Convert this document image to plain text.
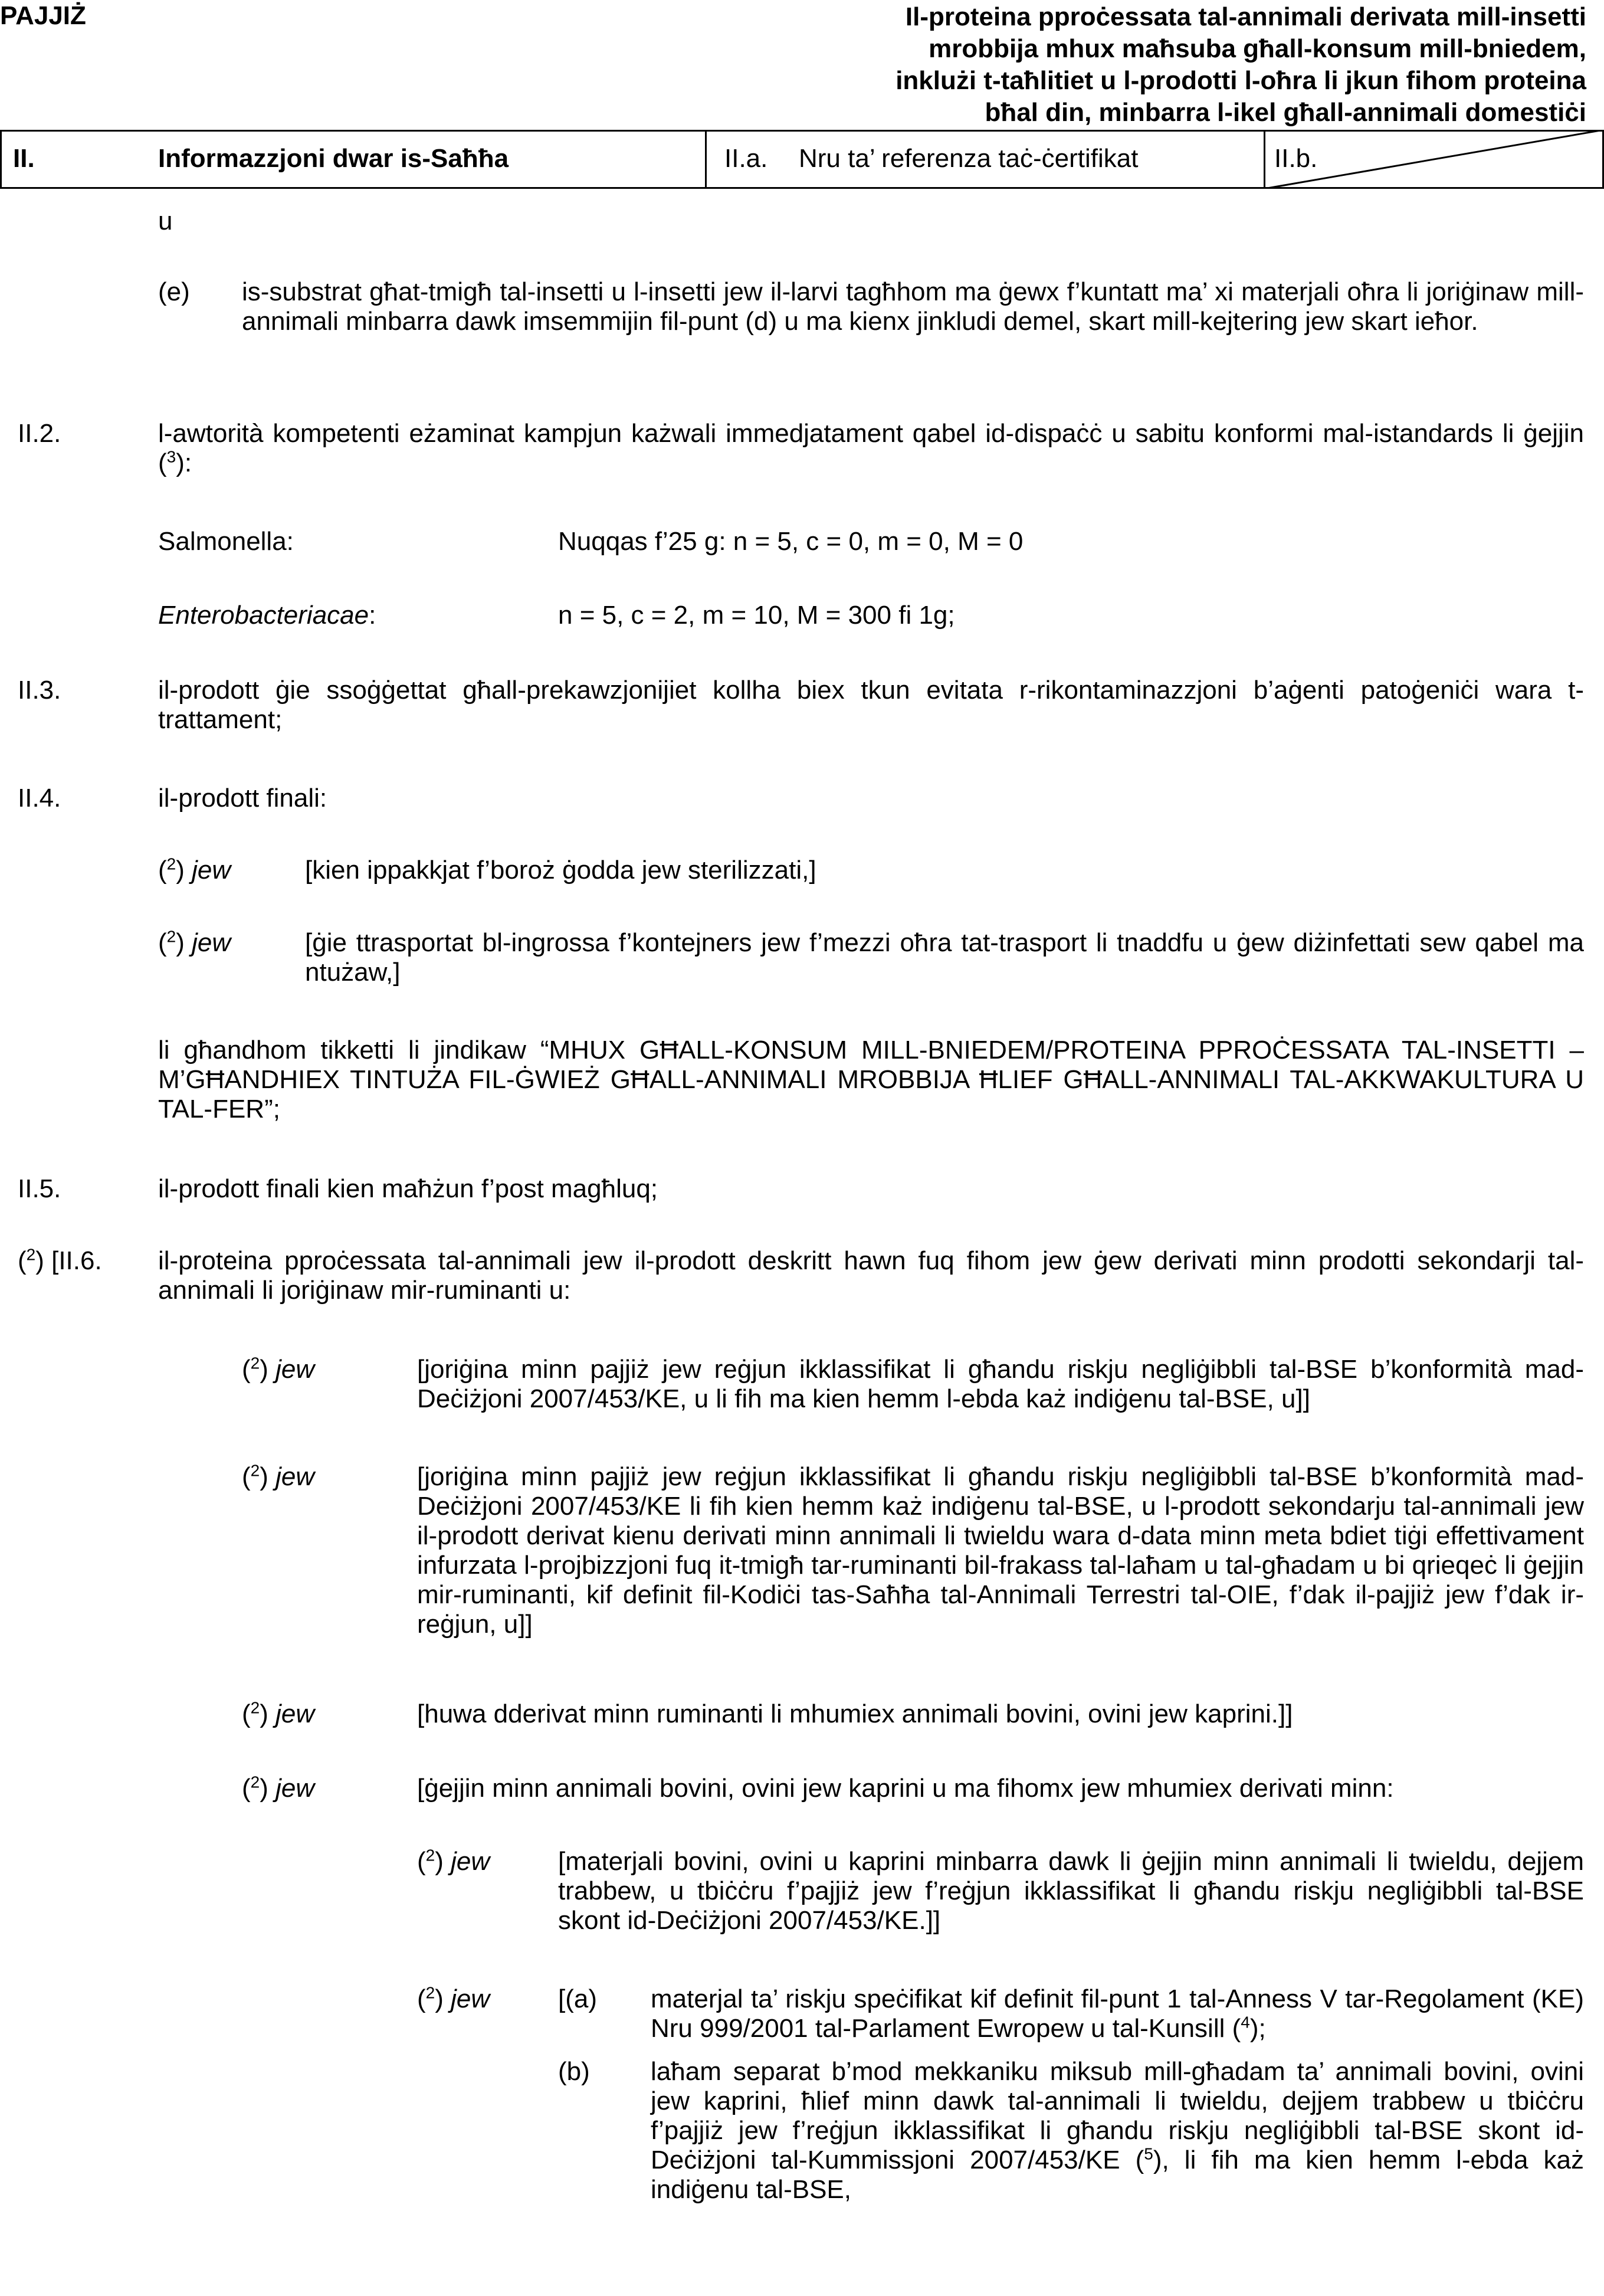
PAJJIŻ	Il-proteina pproċessata tal-annimali derivata mill-insetti
mrobbija mhux maħsuba għall-konsum mill-bniedem,
inklużi t-taħlitiet u l-prodotti l-oħra li jkun fihom proteina
bħal din, minbarra l-ikel għall-annimali domestiċi
II.	Informazzjoni dwar is-Saħħa	II.a. Nru ta’ referenza taċ-ċertifikat	II.b.
u
(e) is-substrat għat-tmigħ tal-insetti u l-insetti jew il-larvi tagħhom ma ġewx f’kuntatt ma’ xi materjali oħra li joriġinaw mill-annimali minbarra dawk imsemmijin fil-punt (d) u ma kienx jinkludi demel, skart mill-kejtering jew skart ieħor.
II.2.	l-awtorità kompetenti eżaminat kampjun każwali immedjatament qabel id-dispaċċ u sabitu konformi mal-istandards li ġejjin ($^3$):
Salmonella:	Nuqqas f’25 g: n = 5, c = 0, m = 0, M = 0
Enterobacteriacae:	n = 5, c = 2, m = 10, M = 300 fi 1g;
II.3.	il-prodott ġie ssoġġettat għall-prekawzjonijiet kollha biex tkun evitata r-rikontaminazzjoni b’aġenti patoġeniċi wara t-trattament;
II.4.	il-prodott finali:
($^2$) jew	[kien ippakkjat f’boroż ġodda jew sterilizzati,]
($^2$) jew	[ġie ttrasportat bl-ingrossa f’kontejners jew f’mezzi oħra tat-trasport li tnaddfu u ġew diżinfettati sew qabel ma ntużaw,]
li għandhom tikketti li jindikaw “MHUX GĦALL-KONSUM MILL-BNIEDEM/PROTEINA PPROĊESSATA TAL-INSETTI – M’GĦANDHIEX TINTUŻA FIL-ĠWIEŻ GĦALL-ANNIMALI MROBBIJA ĦLIEF GĦALL-ANNIMALI TAL-AKKWAKULTURA U TAL-FER”;
II.5.	il-prodott finali kien maħżun f’post magħluq;
($^2$) [II.6. il-proteina pproċessata tal-annimali jew il-prodott deskritt hawn fuq fihom jew ġew derivati minn prodotti sekondarji tal-annimali li joriġinaw mir-ruminanti u:
($^2$) jew	[joriġina minn pajjiż jew reġjun ikklassifikat li għandu riskju negliġibbli tal-BSE b’konformità mad-Deċiżjoni 2007/453/KE, u li fih ma kien hemm l-ebda każ indiġenu tal-BSE, u]]
($^2$) jew	[joriġina minn pajjiż jew reġjun ikklassifikat li għandu riskju negliġibbli tal-BSE b’konformità mad-Deċiżjoni 2007/453/KE li fih kien hemm każ indiġenu tal-BSE, u l-prodott sekondarju tal-annimali jew il-prodott derivat kienu derivati minn annimali li twieldu wara d-data minn meta bdiet tiġi effettivament infurzata l-projbizzjoni fuq it-tmigħ tar-ruminanti bil-frakass tal-laħam u tal-għadam u bi qrieqeċ li ġejjin mir-ruminanti, kif definit fil-Kodiċi tas-Saħħa tal-Annimali Terrestri tal-OIE, f’dak il-pajjiż jew f’dak ir-reġjun, u]]
($^2$) jew	[huwa dderivat minn ruminanti li mhumiex annimali bovini, ovini jew kaprini.]]
($^2$) jew	[ġejjin minn annimali bovini, ovini jew kaprini u ma fihomx jew mhumiex derivati minn:
($^2$) jew	[materjali bovini, ovini u kaprini minbarra dawk li ġejjin minn annimali li twieldu, dejjem trabbew, u tbiċċru f’pajjiż jew f’reġjun ikklassifikat li għandu riskju negliġibbli tal-BSE skont id-Deċiżjoni 2007/453/KE.]]
($^2$) jew	[(a) materjal ta’ riskju speċifikat kif definit fil-punt 1 tal-Anness V tar-Regolament (KE) Nru 999/2001 tal-Parlament Ewropew u tal-Kunsill ($^4$);
(b) laħam separat b’mod mekkaniku miksub mill-għadam ta’ annimali bovini, ovini jew kaprini, ħlief minn dawk tal-annimali li twieldu, dejjem trabbew u tbiċċru f’pajjiż jew f’reġjun ikklassifikat li għandu riskju negliġibbli tal-BSE skont id-Deċiżjoni tal-Kummissjoni 2007/453/KE ($^5$), li fih ma kien hemm l-ebda każ indiġenu tal-BSE,
